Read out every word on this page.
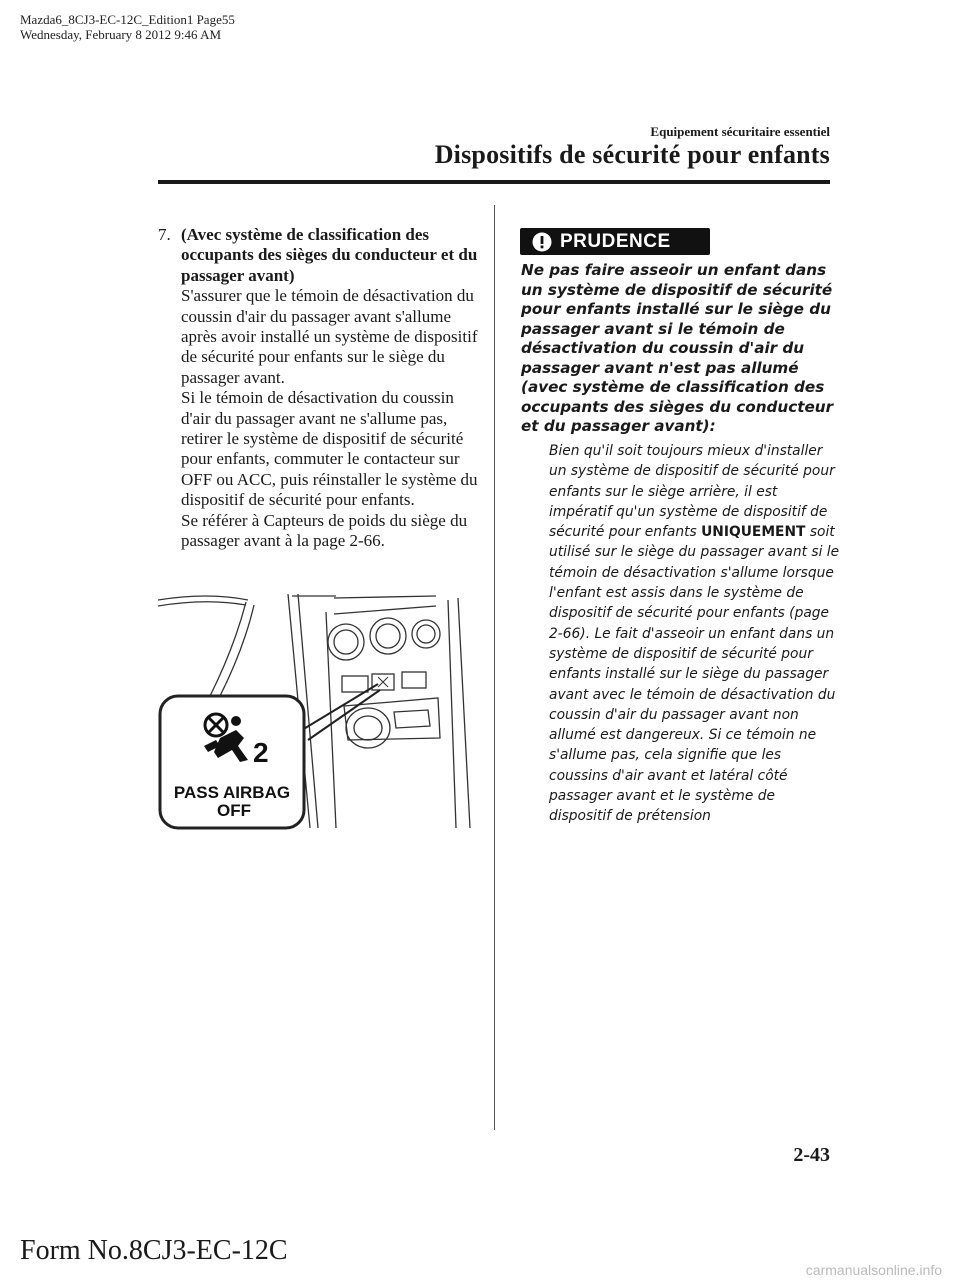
Mazda6_8CJ3-EC-12C_Edition1 Page55
Wednesday, February 8 2012 9:46 AM
Equipement sécuritaire essentiel
Dispositifs de sécurité pour enfants
7. (Avec système de classification des occupants des sièges du conducteur et du passager avant)
S'assurer que le témoin de désactivation du coussin d'air du passager avant s'allume après avoir installé un système de dispositif de sécurité pour enfants sur le siège du passager avant.
Si le témoin de désactivation du coussin d'air du passager avant ne s'allume pas, retirer le système de dispositif de sécurité pour enfants, commuter le contacteur sur OFF ou ACC, puis réinstaller le système du dispositif de sécurité pour enfants.
Se référer à Capteurs de poids du siège du passager avant à la page 2-66.
2
PASS AIRBAG
OFF
PRUDENCE
Ne pas faire asseoir un enfant dans un système de dispositif de sécurité pour enfants installé sur le siège du passager avant si le témoin de désactivation du coussin d'air du passager avant n'est pas allumé (avec système de classification des occupants des sièges du conducteur et du passager avant):
Bien qu'il soit toujours mieux d'installer un système de dispositif de sécurité pour enfants sur le siège arrière, il est impératif qu'un système de dispositif de sécurité pour enfants UNIQUEMENT soit utilisé sur le siège du passager avant si le témoin de désactivation s'allume lorsque l'enfant est assis dans le système de dispositif de sécurité pour enfants (page 2-66). Le fait d'asseoir un enfant dans un système de dispositif de sécurité pour enfants installé sur le siège du passager avant avec le témoin de désactivation du coussin d'air du passager avant non allumé est dangereux. Si ce témoin ne s'allume pas, cela signifie que les coussins d'air avant et latéral côté passager avant et le système de dispositif de prétension
2-43
Form No.8CJ3-EC-12C
carmanualsonline.info
